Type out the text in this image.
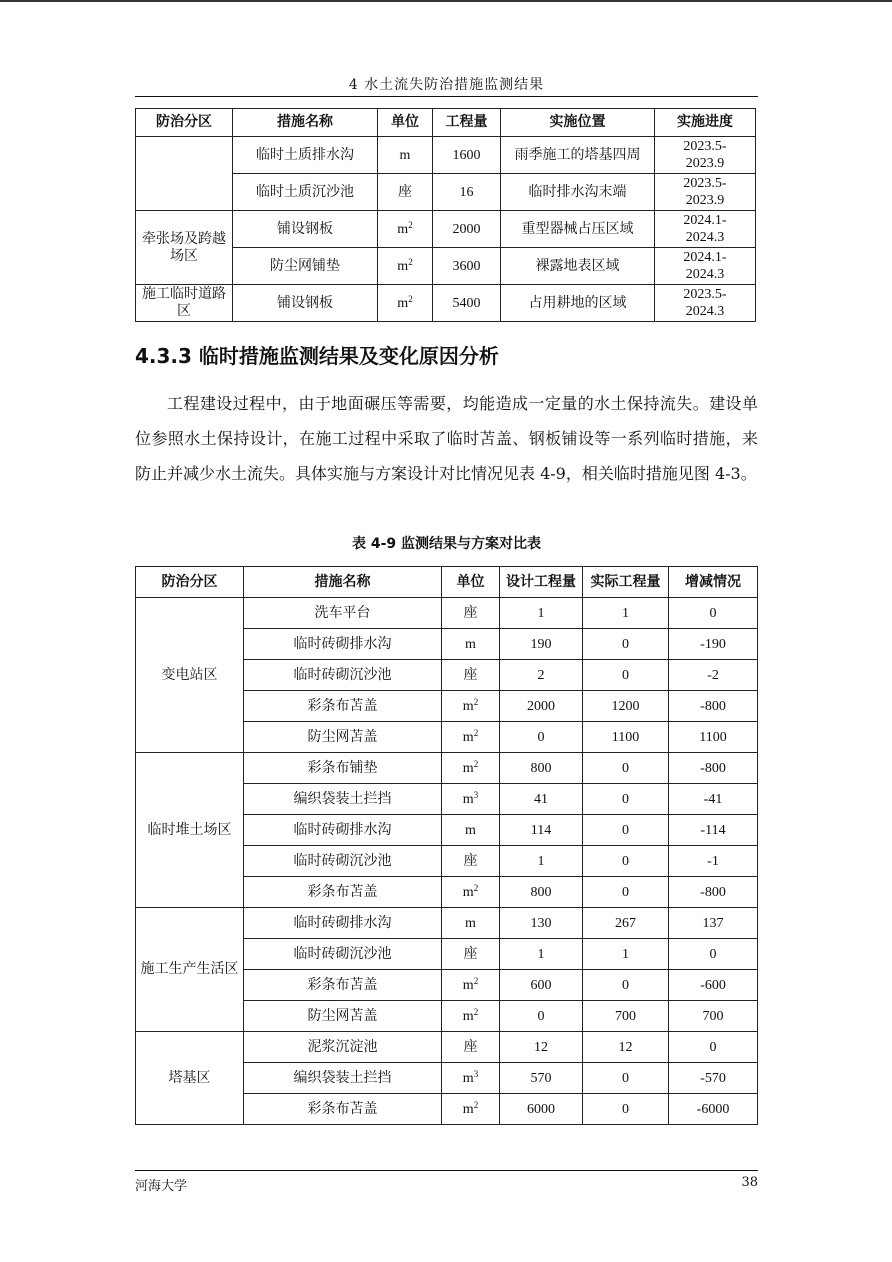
4 水土流失防治措施监测结果
防治分区	措施名称	单位	工程量	实施位置	实施进度
	临时土质排水沟	m	1600	雨季施工的塔基四周	2023.5-
2023.9
	临时土质沉沙池	座	16	临时排水沟末端	2023.5-
2023.9
牵张场及跨越场区	铺设钢板	$m^2$	2000	重型器械占压区域	2024.1-
2024.3
	防尘网铺垫	$m^2$	3600	裸露地表区域	2024.1-
2024.3
施工临时道路区	铺设钢板	$m^2$	5400	占用耕地的区域	2023.5-
2024.3
4.3.3 临时措施监测结果及变化原因分析

工程建设过程中，由于地面碾压等需要，均能造成一定量的水土保持流失。建设单位参照水土保持设计，在施工过程中采取了临时苫盖、钢板铺设等一系列临时措施，来防止并减少水土流失。具体实施与方案设计对比情况见表 4-9，相关临时措施见图 4-3。

表 4-9 监测结果与方案对比表
防治分区	措施名称	单位	设计工程量	实际工程量	增减情况
变电站区	洗车平台	座	1	1	0
	临时砖砌排水沟	m	190	0	-190
	临时砖砌沉沙池	座	2	0	-2
	彩条布苫盖	$m^2$	2000	1200	-800
	防尘网苫盖	$m^2$	0	1100	1100
临时堆土场区	彩条布铺垫	$m^2$	800	0	-800
	编织袋装土拦挡	$m^3$	41	0	-41
	临时砖砌排水沟	m	114	0	-114
	临时砖砌沉沙池	座	1	0	-1
	彩条布苫盖	$m^2$	800	0	-800
施工生产生活区	临时砖砌排水沟	m	130	267	137
	临时砖砌沉沙池	座	1	1	0
	彩条布苫盖	$m^2$	600	0	-600
	防尘网苫盖	$m^2$	0	700	700
塔基区	泥浆沉淀池	座	12	12	0
	编织袋装土拦挡	$m^3$	570	0	-570
	彩条布苫盖	$m^2$	6000	0	-6000
河海大学	38
